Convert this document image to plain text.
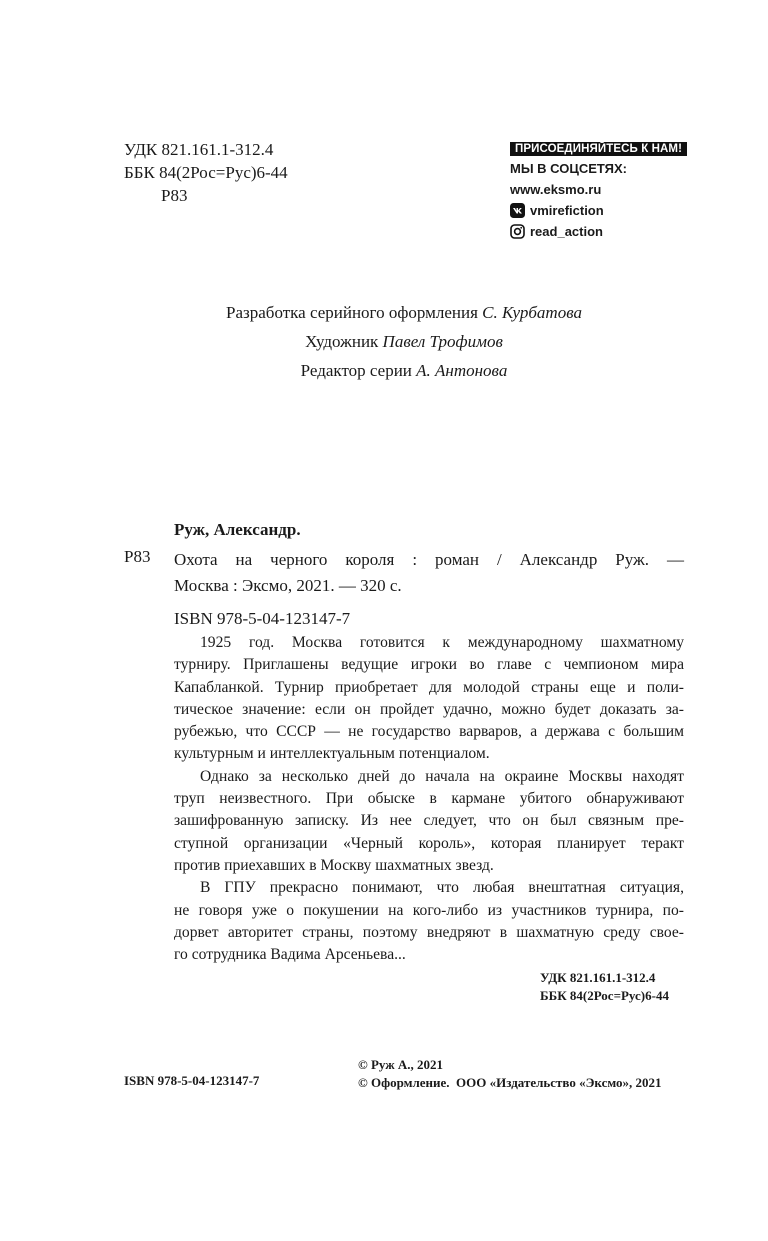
УДК 821.161.1-312.4
ББК 84(2Рос=Рус)6-44
Р83
ПРИСОЕДИНЯЙТЕСЬ К НАМ!
МЫ В СОЦСЕТЯХ:
www.eksmo.ru
vmirefiction
read_action
Разработка серийного оформления С. Курбатова
Художник Павел Трофимов
Редактор серии А. Антонова
Руж, Александр.
Р83 Охота на черного короля : роман / Александр Руж. —
Москва : Эксмо, 2021. — 320 с.
ISBN 978-5-04-123147-7
1925 год. Москва готовится к международному шахматному
турниру. Приглашены ведущие игроки во главе с чемпионом мира
Капабланкой. Турнир приобретает для молодой страны еще и поли-
тическое значение: если он пройдет удачно, можно будет доказать за-
рубежью, что СССР — не государство варваров, а держава с большим
культурным и интеллектуальным потенциалом.
Однако за несколько дней до начала на окраине Москвы находят
труп неизвестного. При обыске в кармане убитого обнаруживают
зашифрованную записку. Из нее следует, что он был связным пре-
ступной организации «Черный король», которая планирует теракт
против приехавших в Москву шахматных звезд.
В ГПУ прекрасно понимают, что любая внештатная ситуация,
не говоря уже о покушении на кого-либо из участников турнира, по-
дорвет авторитет страны, поэтому внедряют в шахматную среду свое-
го сотрудника Вадима Арсеньева...
УДК 821.161.1-312.4
ББК 84(2Рос=Рус)6-44
© Руж А., 2021
© Оформление.  ООО «Издательство «Эксмо», 2021
ISBN 978-5-04-123147-7
